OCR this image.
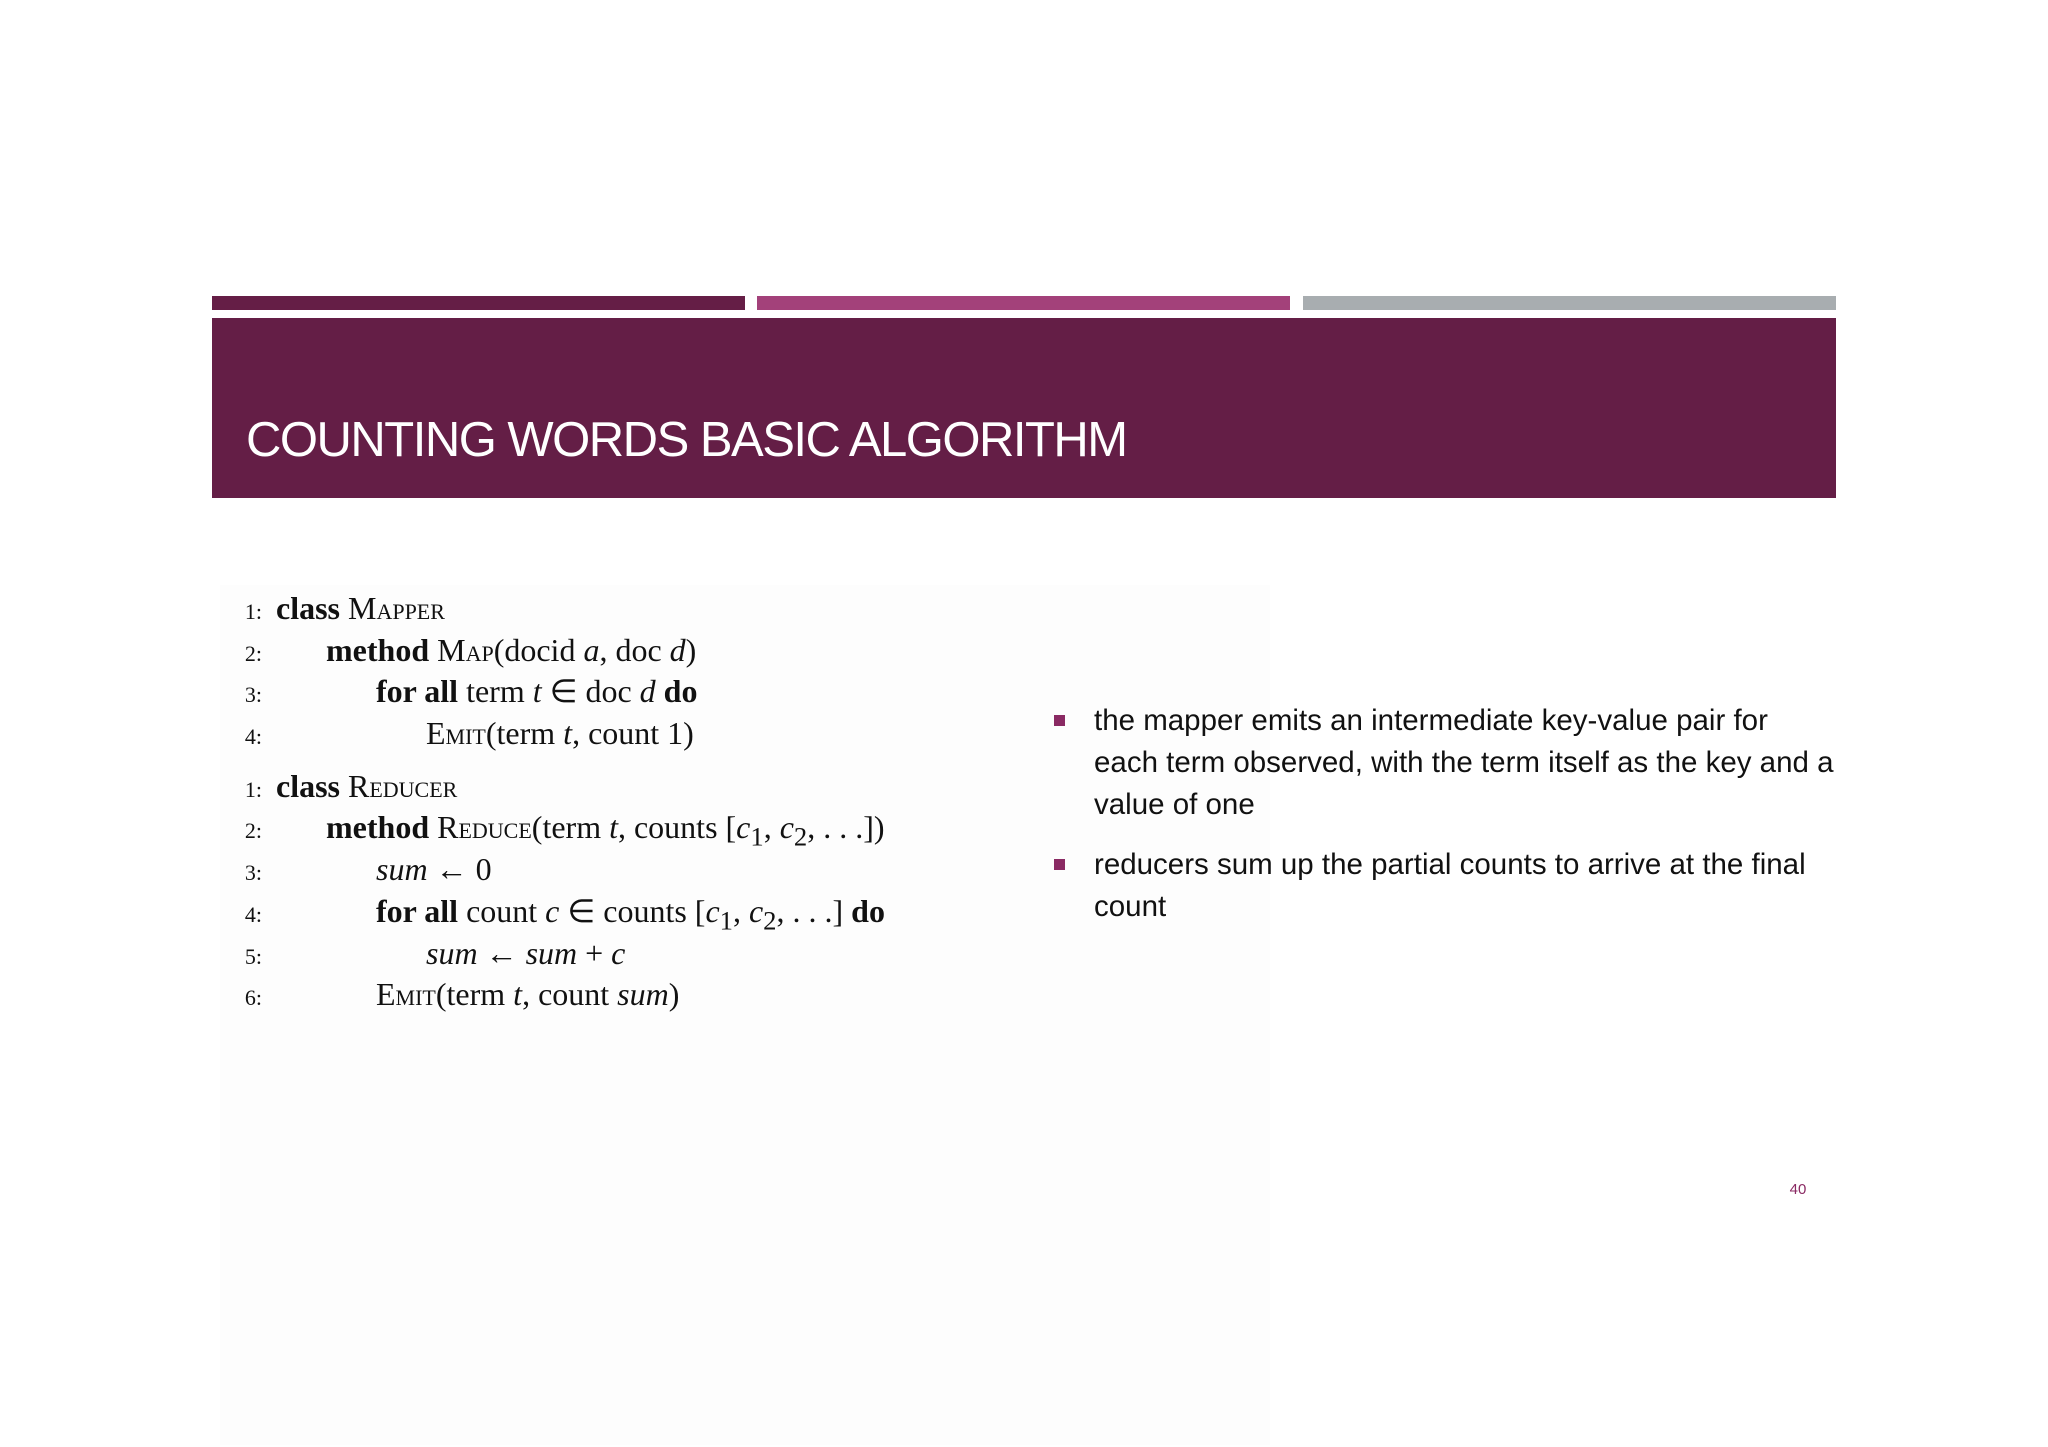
COUNTING WORDS BASIC ALGORITHM
1: class Mapper
2: method Map(docid a, doc d)
3:	for all term t ∈ doc d do
4:	Emit(term t, count 1)
1: class Reducer
2: method Reduce(term t, counts [$c_1$, $c_2$, . . .])
3:	sum ← 0
4:	for all count c ∈ counts [$c_1$, $c_2$, . . .] do
5:	sum ← sum + c
6:	Emit(term t, count sum)
the mapper emits an intermediate key-value pair for each term observed, with the term itself as the key and a value of one
reducers sum up the partial counts to arrive at the final count
40
